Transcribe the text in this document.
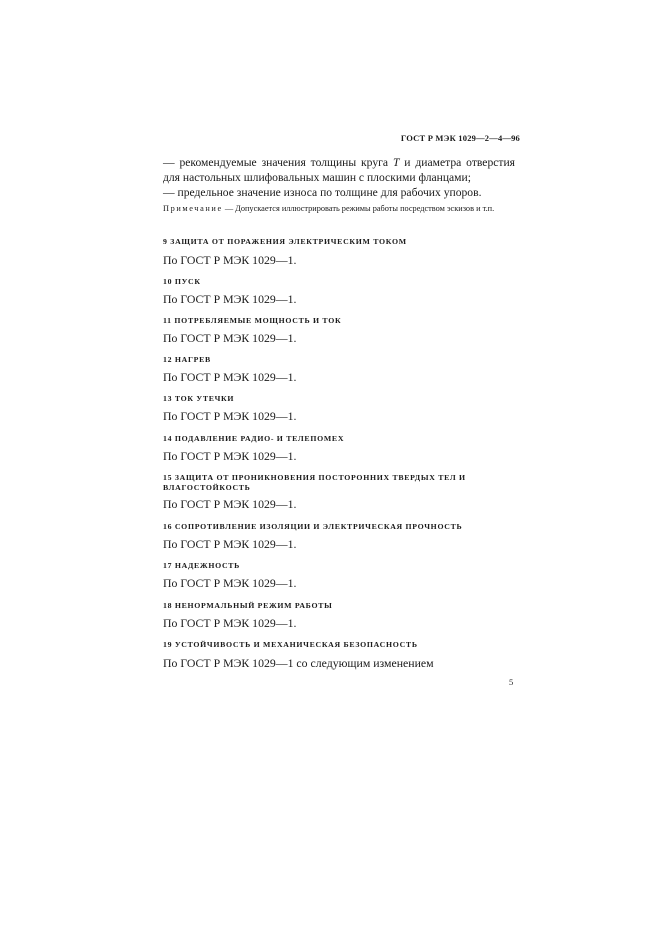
ГОСТ Р МЭК 1029—2—4—96

— рекомендуемые значения толщины круга Т и диаметра отверстия для настольных шлифовальных машин с плоскими фланцами;

— предельное значение износа по толщине для рабочих упоров.

Примечание — Допускается иллюстрировать режимы работы посредством эскизов и т.п.
9 ЗАЩИТА ОТ ПОРАЖЕНИЯ ЭЛЕКТРИЧЕСКИМ ТОКОМ
По ГОСТ Р МЭК 1029—1.
10 ПУСК
По ГОСТ Р МЭК 1029—1.
11 ПОТРЕБЛЯЕМЫЕ МОЩНОСТЬ И ТОК
По ГОСТ Р МЭК 1029—1.
12 НАГРЕВ
По ГОСТ Р МЭК 1029—1.
13 ТОК УТЕЧКИ
По ГОСТ Р МЭК 1029—1.
14 ПОДАВЛЕНИЕ РАДИО- И ТЕЛЕПОМЕХ
По ГОСТ Р МЭК 1029—1.
15 ЗАЩИТА ОТ ПРОНИКНОВЕНИЯ ПОСТОРОННИХ ТВЕРДЫХ ТЕЛ И ВЛАГОСТОЙКОСТЬ
По ГОСТ Р МЭК 1029—1.
16 СОПРОТИВЛЕНИЕ ИЗОЛЯЦИИ И ЭЛЕКТРИЧЕСКАЯ ПРОЧНОСТЬ
По ГОСТ Р МЭК 1029—1.
17 НАДЕЖНОСТЬ
По ГОСТ Р МЭК 1029—1.
18 НЕНОРМАЛЬНЫЙ РЕЖИМ РАБОТЫ
По ГОСТ Р МЭК 1029—1.
19 УСТОЙЧИВОСТЬ И МЕХАНИЧЕСКАЯ БЕЗОПАСНОСТЬ
По ГОСТ Р МЭК 1029—1 со следующим изменением
5
